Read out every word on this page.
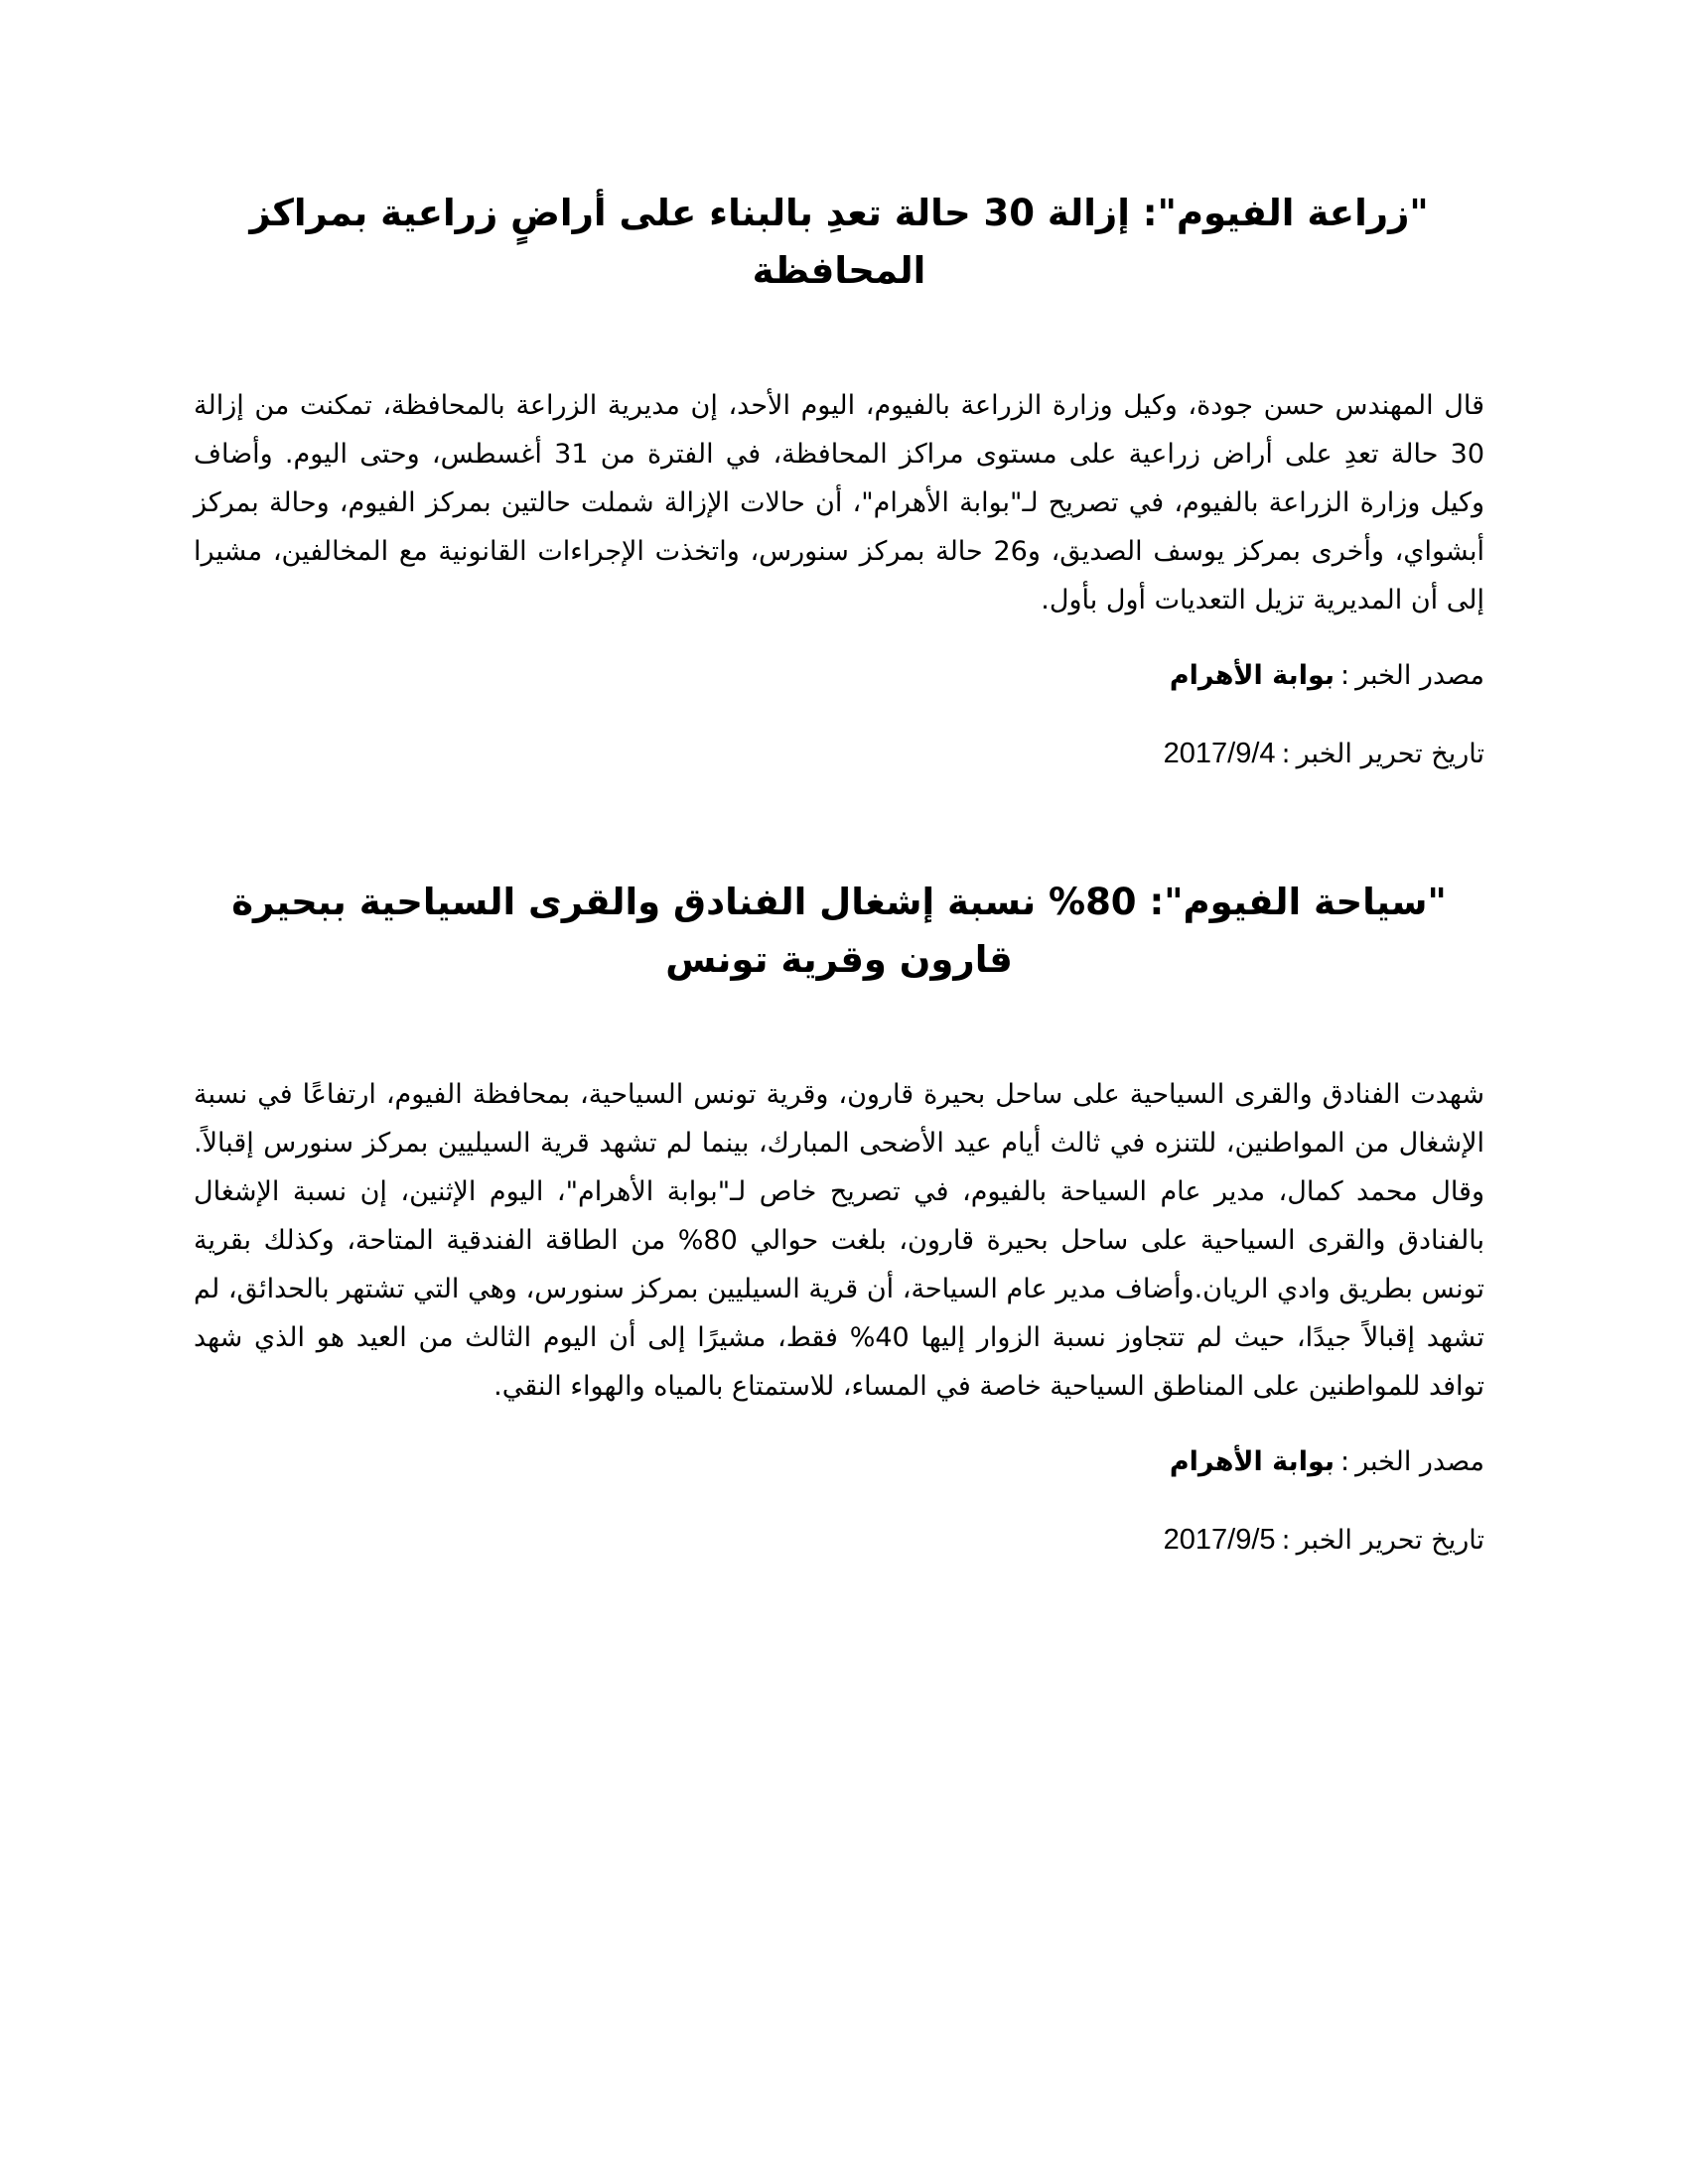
"زراعة الفيوم": إزالة 30 حالة تعدِ بالبناء على أراضٍ زراعية بمراكز المحافظة

قال المهندس حسن جودة، وكيل وزارة الزراعة بالفيوم، اليوم الأحد، إن مديرية الزراعة بالمحافظة، تمكنت من إزالة 30 حالة تعدِ على أراض زراعية على مستوى مراكز المحافظة، في الفترة من 31 أغسطس، وحتى اليوم. وأضاف وكيل وزارة الزراعة بالفيوم، في تصريح لـ"بوابة الأهرام"، أن حالات الإزالة شملت حالتين بمركز الفيوم، وحالة بمركز أبشواي، وأخرى بمركز يوسف الصديق، و26 حالة بمركز سنورس، واتخذت الإجراءات القانونية مع المخالفين، مشيرا إلى أن المديرية تزيل التعديات أول بأول.

مصدر الخبر:بوابة الأهرام

تاريخ تحرير الخبر:2017/9/4

"سياحة الفيوم": 80% نسبة إشغال الفنادق والقرى السياحية ببحيرة قارون وقرية تونس

شهدت الفنادق والقرى السياحية على ساحل بحيرة قارون، وقرية تونس السياحية، بمحافظة الفيوم، ارتفاعًا في نسبة الإشغال من المواطنين، للتنزه في ثالث أيام عيد الأضحى المبارك، بينما لم تشهد قرية السيليين بمركز سنورس إقبالاً. وقال محمد كمال، مدير عام السياحة بالفيوم، في تصريح خاص لـ"بوابة الأهرام"، اليوم الإثنين، إن نسبة الإشغال بالفنادق والقرى السياحية على ساحل بحيرة قارون، بلغت حوالي 80% من الطاقة الفندقية المتاحة، وكذلك بقرية تونس بطريق وادي الريان.وأضاف مدير عام السياحة، أن قرية السيليين بمركز سنورس، وهي التي تشتهر بالحدائق، لم تشهد إقبالاً جيدًا، حيث لم تتجاوز نسبة الزوار إليها 40% فقط، مشيرًا إلى أن اليوم الثالث من العيد هو الذي شهد توافد للمواطنين على المناطق السياحية خاصة في المساء، للاستمتاع بالمياه والهواء النقي.

مصدر الخبر:بوابة الأهرام

تاريخ تحرير الخبر:2017/9/5
